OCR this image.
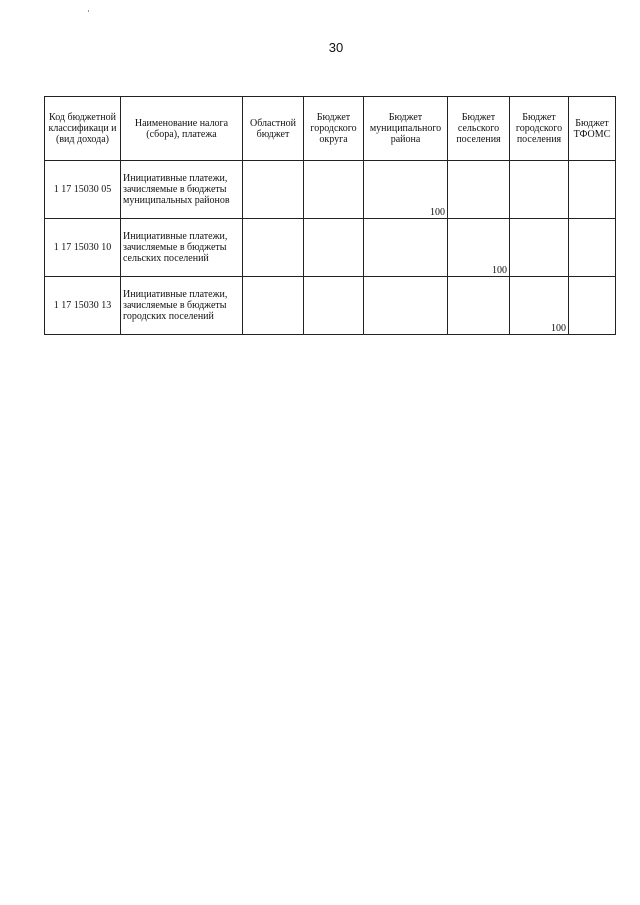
30
Код бюджетной классификаци и (вид дохода)	Наименование налога (сбора), платежа	Областной бюджет	Бюджет городского округа	Бюджет муниципального района	Бюджет сельского поселения	Бюджет городского поселения	Бюджет ТФОМС
1 17 15030 05	Инициативные платежи, зачисляемые в бюджеты муниципальных районов			100			
1 17 15030 10	Инициативные платежи, зачисляемые в бюджеты сельских поселений				100		
1 17 15030 13	Инициативные платежи, зачисляемые в бюджеты городских поселений					100	
